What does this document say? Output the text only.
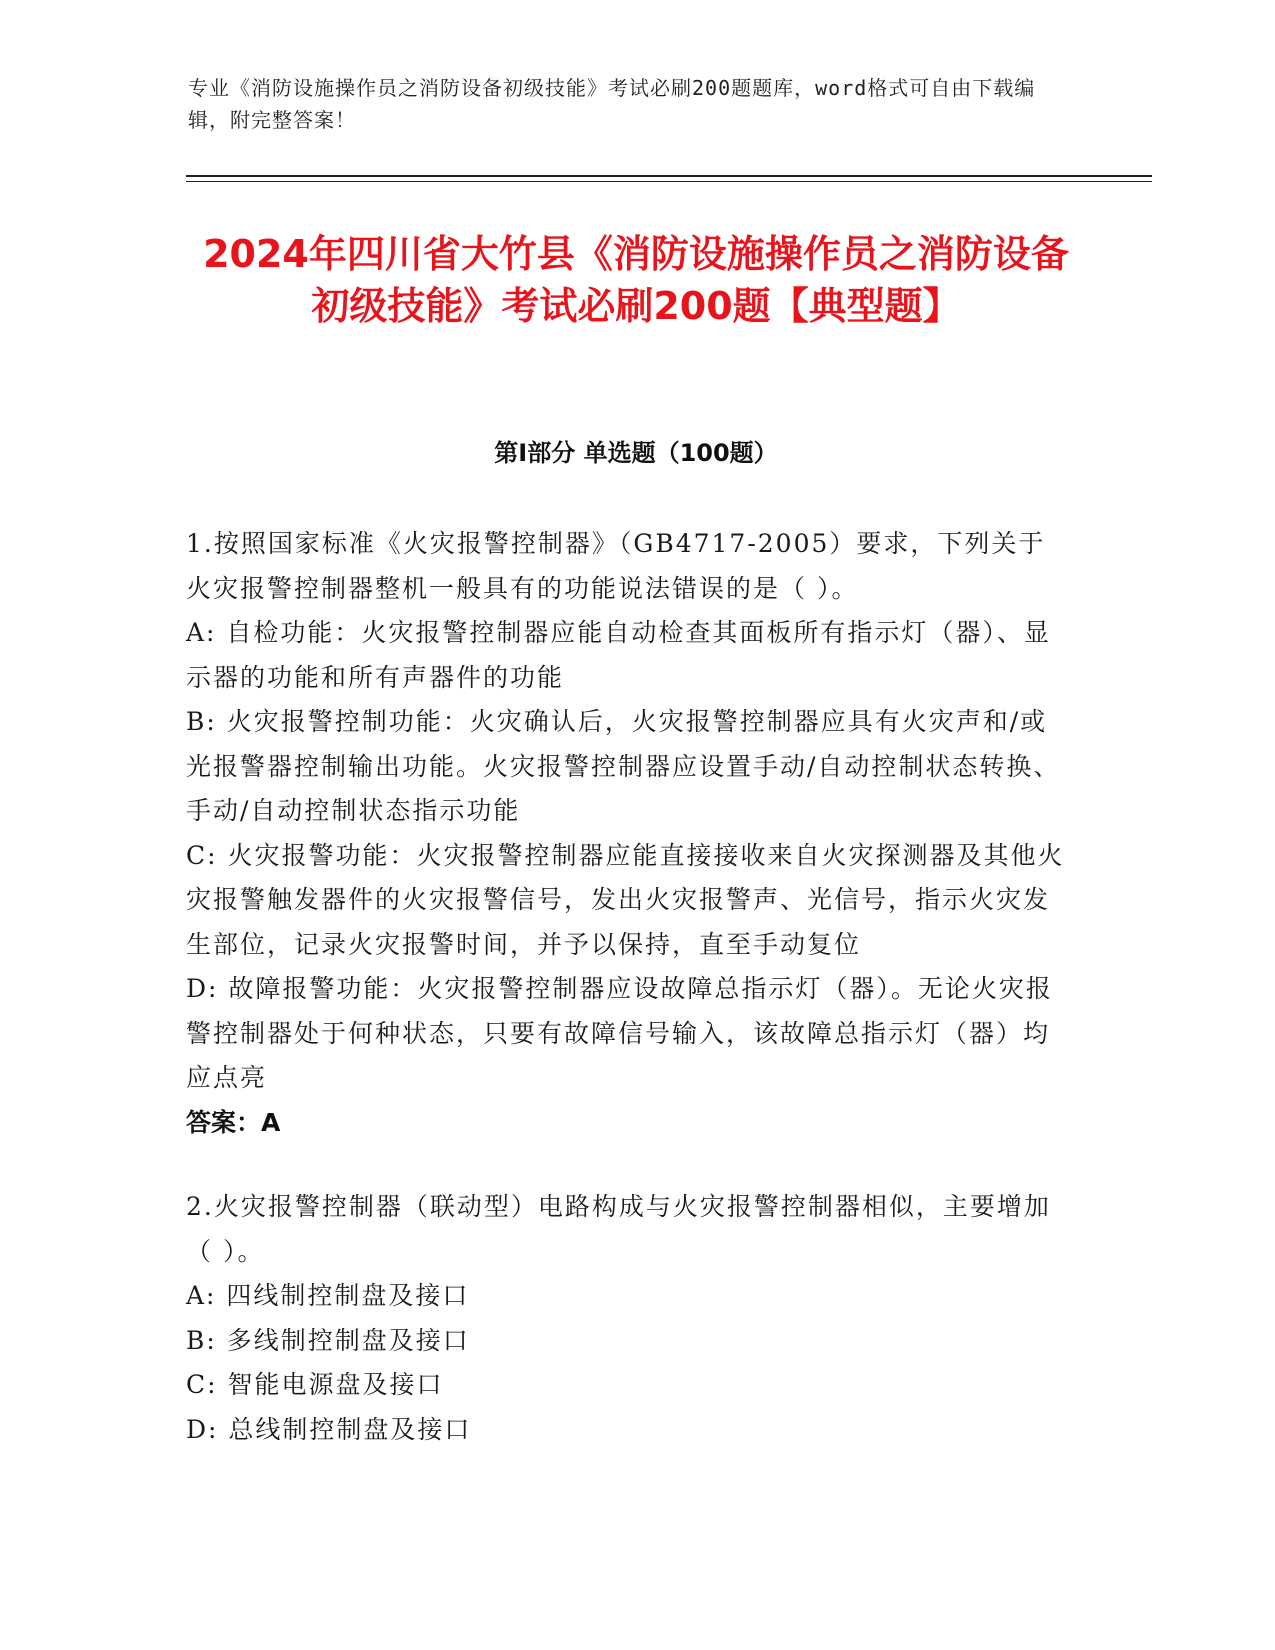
专业《消防设施操作员之消防设备初级技能》考试必刷200题题库，word格式可自由下载编辑，附完整答案！
2024年四川省大竹县《消防设施操作员之消防设备初级技能》考试必刷200题【典型题】
第I部分 单选题（100题）
1.按照国家标准《火灾报警控制器》（GB4717-2005）要求，下列关于火灾报警控制器整机一般具有的功能说法错误的是（ ）。
A: 自检功能：火灾报警控制器应能自动检查其面板所有指示灯（器）、显示器的功能和所有声器件的功能
B: 火灾报警控制功能：火灾确认后，火灾报警控制器应具有火灾声和/或光报警器控制输出功能。火灾报警控制器应设置手动/自动控制状态转换、手动/自动控制状态指示功能
C: 火灾报警功能：火灾报警控制器应能直接接收来自火灾探测器及其他火灾报警触发器件的火灾报警信号，发出火灾报警声、光信号，指示火灾发生部位，记录火灾报警时间，并予以保持，直至手动复位
D: 故障报警功能：火灾报警控制器应设故障总指示灯（器）。无论火灾报警控制器处于何种状态，只要有故障信号输入，该故障总指示灯（器）均应点亮
答案：A
2.火灾报警控制器（联动型）电路构成与火灾报警控制器相似，主要增加（ ）。
A: 四线制控制盘及接口
B: 多线制控制盘及接口
C: 智能电源盘及接口
D: 总线制控制盘及接口
